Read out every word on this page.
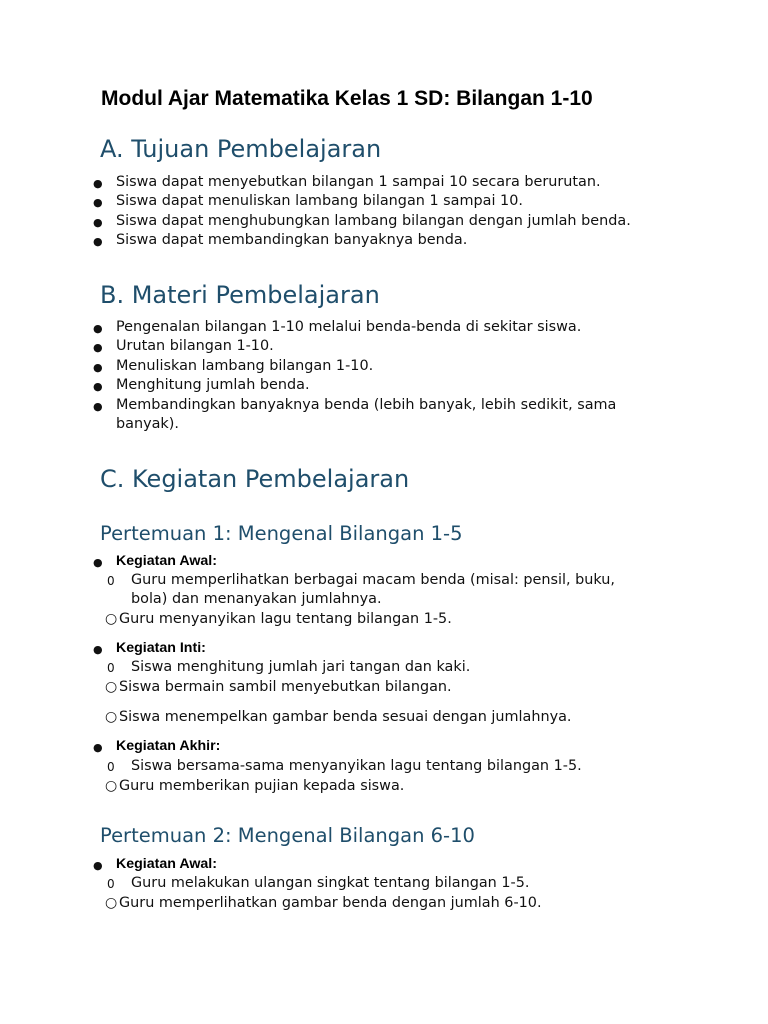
Modul Ajar Matematika Kelas 1 SD: Bilangan 1-10
A. Tujuan Pembelajaran
● Siswa dapat menyebutkan bilangan 1 sampai 10 secara berurutan.
● Siswa dapat menuliskan lambang bilangan 1 sampai 10.
● Siswa dapat menghubungkan lambang bilangan dengan jumlah benda.
● Siswa dapat membandingkan banyaknya benda.
B. Materi Pembelajaran
● Pengenalan bilangan 1-10 melalui benda-benda di sekitar siswa.
● Urutan bilangan 1-10.
● Menuliskan lambang bilangan 1-10.
● Menghitung jumlah benda.
● Membandingkan banyaknya benda (lebih banyak, lebih sedikit, sama
banyak).
C. Kegiatan Pembelajaran
Pertemuan 1: Mengenal Bilangan 1-5
● Kegiatan Awal:
0 Guru memperlihatkan berbagai macam benda (misal: pensil, buku,
bola) dan menanyakan jumlahnya.
○ Guru menyanyikan lagu tentang bilangan 1-5.
● Kegiatan Inti:
0 Siswa menghitung jumlah jari tangan dan kaki.
○ Siswa bermain sambil menyebutkan bilangan.
○ Siswa menempelkan gambar benda sesuai dengan jumlahnya.
● Kegiatan Akhir:
0 Siswa bersama-sama menyanyikan lagu tentang bilangan 1-5.
○ Guru memberikan pujian kepada siswa.
Pertemuan 2: Mengenal Bilangan 6-10
● Kegiatan Awal:
0 Guru melakukan ulangan singkat tentang bilangan 1-5.
○ Guru memperlihatkan gambar benda dengan jumlah 6-10.
